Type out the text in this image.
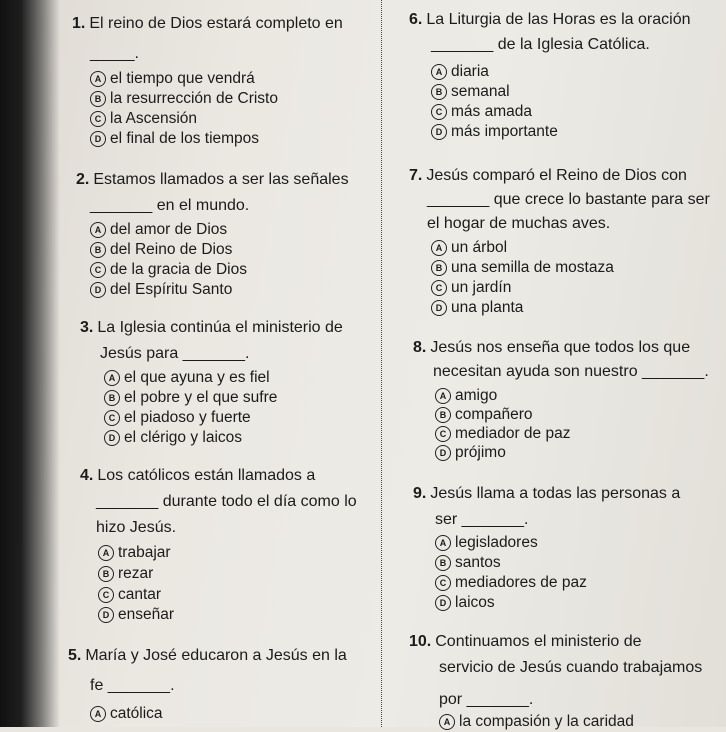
1. El reino de Dios estará completo en
_____.
A el tiempo que vendrá
B la resurrección de Cristo
C la Ascensión
D el final de los tiempos
2. Estamos llamados a ser las señales
_______ en el mundo.
A del amor de Dios
B del Reino de Dios
C de la gracia de Dios
D del Espíritu Santo
3. La Iglesia continúa el ministerio de
Jesús para _______.
A el que ayuna y es fiel
B el pobre y el que sufre
C el piadoso y fuerte
D el clérigo y laicos
4. Los católicos están llamados a
_______ durante todo el día como lo
hizo Jesús.
A trabajar
B rezar
C cantar
D enseñar
5. María y José educaron a Jesús en la
fe _______.
A católica
6. La Liturgia de las Horas es la oración
_______ de la Iglesia Católica.
A diaria
B semanal
C más amada
D más importante
7. Jesús comparó el Reino de Dios con
_______ que crece lo bastante para ser
el hogar de muchas aves.
A un árbol
B una semilla de mostaza
C un jardín
D una planta
8. Jesús nos enseña que todos los que
necesitan ayuda son nuestro _______.
A amigo
B compañero
C mediador de paz
D prójimo
9. Jesús llama a todas las personas a
ser _______.
A legisladores
B santos
C mediadores de paz
D laicos
10. Continuamos el ministerio de
servicio de Jesús cuando trabajamos
por _______.
A la compasión y la caridad
